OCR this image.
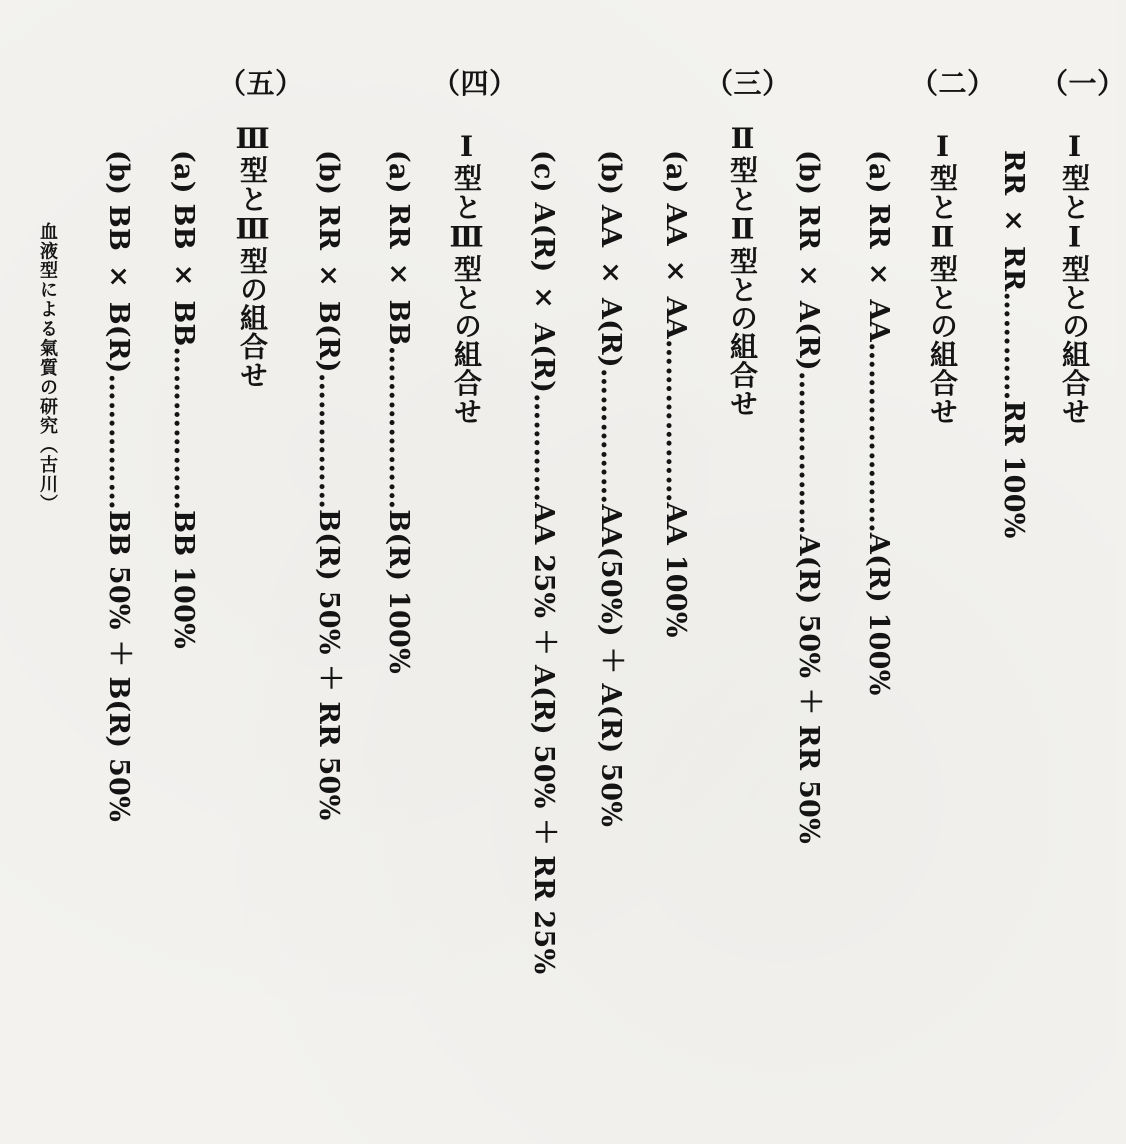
（一）
Ⅰ型とⅠ型との組合せ
RR × RR…………RR 100%
（二）
Ⅰ型とⅡ型との組合せ
(a) RR × AA…………………A(R) 100%
(b) RR × A(R)………………A(R) 50% ＋ RR 50%
（三）
Ⅱ型とⅡ型との組合せ
(a) AA × AA………………AA 100%
(b) AA × A(R)……………AA(50%) ＋ A(R) 50%
(c) A(R) × A(R)…………AA 25% ＋ A(R) 50% ＋ RR 25%
（四）
Ⅰ型とⅢ型との組合せ
(a) RR × BB………………B(R) 100%
(b) RR × B(R)……………B(R) 50% ＋ RR 50%
（五）
Ⅲ型とⅢ型の組合せ
(a) BB × BB………………BB 100%
(b) BB × B(R)……………BB 50% ＋ B(R) 50%
血液型による氣質の研究（古川）
